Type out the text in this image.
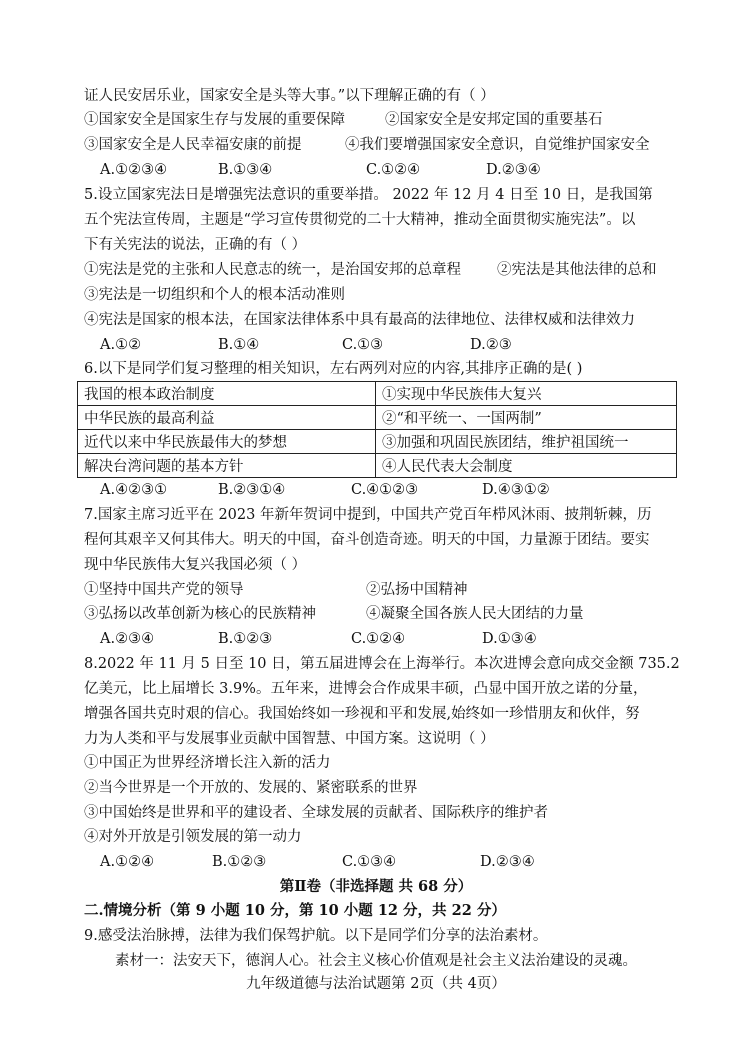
证人民安居乐业，国家安全是头等大事。”以下理解正确的有（ ）
①国家安全是国家生存与发展的重要保障	②国家安全是安邦定国的重要基石
③国家安全是人民幸福安康的前提	④我们要增强国家安全意识，自觉维护国家安全
A.①②③④	B.①③④	C.①②④	D.②③④
5.设立国家宪法日是增强宪法意识的重要举措。 2022 年 12 月 4 日至 10 日，是我国第
五个宪法宣传周，主题是“学习宣传贯彻党的二十大精神，推动全面贯彻实施宪法”。以
下有关宪法的说法，正确的有（ ）
①宪法是党的主张和人民意志的统一，是治国安邦的总章程 ②宪法是其他法律的总和
③宪法是一切组织和个人的根本活动准则
④宪法是国家的根本法，在国家法律体系中具有最高的法律地位、法律权威和法律效力
A.①②	B.①④	C.①③	D.②③
6.以下是同学们复习整理的相关知识，左右两列对应的内容,其排序正确的是( )
我国的根本政治制度	①实现中华民族伟大复兴
中华民族的最高利益	②“和平统一、一国两制”
近代以来中华民族最伟大的梦想	③加强和巩固民族团结，维护祖国统一
解决台湾问题的基本方针	④人民代表大会制度
A.④②③①	B.②③①④	C.④①②③	D.④③①②
7.国家主席习近平在 2023 年新年贺词中提到，中国共产党百年栉风沐雨、披荆斩棘，历
程何其艰辛又何其伟大。明天的中国，奋斗创造奇迹。明天的中国，力量源于团结。要实
现中华民族伟大复兴我国必须（ ）
①坚持中国共产党的领导	②弘扬中国精神
③弘扬以改革创新为核心的民族精神	④凝聚全国各族人民大团结的力量
A.②③④	B.①②③	C.①②④	D.①③④
8.2022 年 11 月 5 日至 10 日，第五届进博会在上海举行。本次进博会意向成交金额 735.2
亿美元，比上届增长 3.9%。五年来，进博会合作成果丰硕，凸显中国开放之诺的分量，
增强各国共克时艰的信心。我国始终如一珍视和平和发展,始终如一珍惜朋友和伙伴，努
力为人类和平与发展事业贡献中国智慧、中国方案。这说明（ ）
①中国正为世界经济增长注入新的活力
②当今世界是一个开放的、发展的、紧密联系的世界
③中国始终是世界和平的建设者、全球发展的贡献者、国际秩序的维护者
④对外开放是引领发展的第一动力
A.①②④	B.①②③	C.①③④	D.②③④
第Ⅱ卷（非选择题 共 68 分）
二.情境分析（第 9 小题 10 分，第 10 小题 12 分，共 22 分）
9.感受法治脉搏，法律为我们保驾护航。以下是同学们分享的法治素材。
素材一：法安天下，德润人心。社会主义核心价值观是社会主义法治建设的灵魂。
九年级道德与法治试题第 2页（共 4页）
